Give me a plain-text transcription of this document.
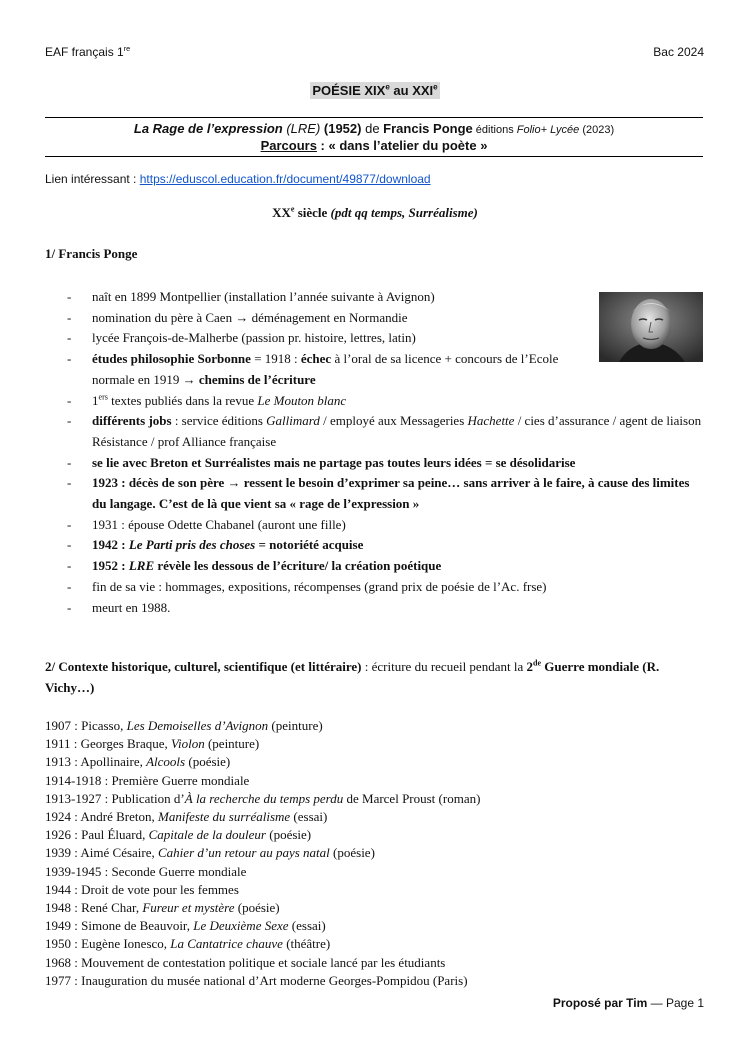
EAF français 1re	Bac 2024
POÉSIE XIXe au XXIe
La Rage de l’expression (LRE) (1952) de Francis Ponge éditions Folio+ Lycée (2023)
Parcours : « dans l’atelier du poète »
Lien intéressant : https://eduscol.education.fr/document/49877/download
XXe siècle (pdt qq temps, Surréalisme)
1/ Francis Ponge
- naît en 1899 Montpellier (installation l’année suivante à Avignon)
- nomination du père à Caen → déménagement en Normandie
- lycée François-de-Malherbe (passion pr. histoire, lettres, latin)
- études philosophie Sorbonne = 1918 : échec à l’oral de sa licence + concours de l’Ecole normale en 1919 → chemins de l’écriture
- 1ers textes publiés dans la revue Le Mouton blanc
- différents jobs : service éditions Gallimard / employé aux Messageries Hachette / cies d’assurance / agent de liaison Résistance / prof Alliance française
- se lie avec Breton et Surréalistes mais ne partage pas toutes leurs idées = se désolidarise
- 1923 : décès de son père → ressent le besoin d’exprimer sa peine… sans arriver à le faire, à cause des limites du langage. C’est de là que vient sa « rage de l’expression »
- 1931 : épouse Odette Chabanel (auront une fille)
- 1942 : Le Parti pris des choses = notoriété acquise
- 1952 : LRE révèle les dessous de l’écriture/ la création poétique
- fin de sa vie : hommages, expositions, récompenses (grand prix de poésie de l’Ac. frse)
- meurt en 1988.
2/ Contexte historique, culturel, scientifique (et littéraire) : écriture du recueil pendant la 2de Guerre mondiale (R. Vichy…)
1907 : Picasso, Les Demoiselles d’Avignon (peinture)
1911 : Georges Braque, Violon (peinture)
1913 : Apollinaire, Alcools (poésie)
1914-1918 : Première Guerre mondiale
1913-1927 : Publication d’À la recherche du temps perdu de Marcel Proust (roman)
1924 : André Breton, Manifeste du surréalisme (essai)
1926 : Paul Éluard, Capitale de la douleur (poésie)
1939 : Aimé Césaire, Cahier d’un retour au pays natal (poésie)
1939-1945 : Seconde Guerre mondiale
1944 : Droit de vote pour les femmes
1948 : René Char, Fureur et mystère (poésie)
1949 : Simone de Beauvoir, Le Deuxième Sexe (essai)
1950 : Eugène Ionesco, La Cantatrice chauve (théâtre)
1968 : Mouvement de contestation politique et sociale lancé par les étudiants
1977 : Inauguration du musée national d’Art moderne Georges-Pompidou (Paris)
Proposé par Tim — Page 1
